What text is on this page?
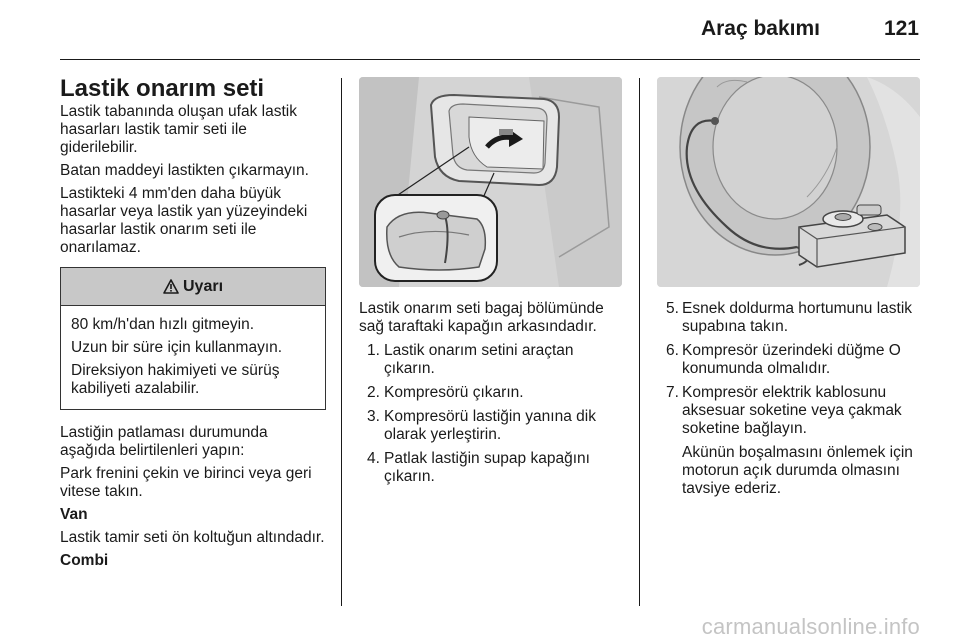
Araç bakımı	121
Lastik onarım seti

Lastik tabanında oluşan ufak lastik hasarları lastik tamir seti ile giderilebilir.

Batan maddeyi lastikten çıkarmayın.

Lastikteki 4 mm'den daha büyük hasarlar veya lastik yan yüzeyindeki hasarlar lastik onarım seti ile onarılamaz.

Uyarı

80 km/h'dan hızlı gitmeyin.

Uzun bir süre için kullanmayın.

Direksiyon hakimiyeti ve sürüş kabiliyeti azalabilir.

Lastiğin patlaması durumunda aşağıda belirtilenleri yapın:

Park frenini çekin ve birinci veya geri vitese takın.

Van

Lastik tamir seti ön koltuğun altındadır.

Combi

Lastik onarım seti bagaj bölümünde sağ taraftaki kapağın arkasındadır.

1. Lastik onarım setini araçtan çıkarın.
2. Kompresörü çıkarın.
3. Kompresörü lastiğin yanına dik olarak yerleştirin.
4. Patlak lastiğin supap kapağını çıkarın.
5. Esnek doldurma hortumunu lastik supabına takın.
6. Kompresör üzerindeki düğme O konumunda olmalıdır.
7. Kompresör elektrik kablosunu aksesuar soketine veya çakmak soketine bağlayın.
Akünün boşalmasını önlemek için motorun açık durumda olmasını tavsiye ederiz.
carmanualsonline.info
